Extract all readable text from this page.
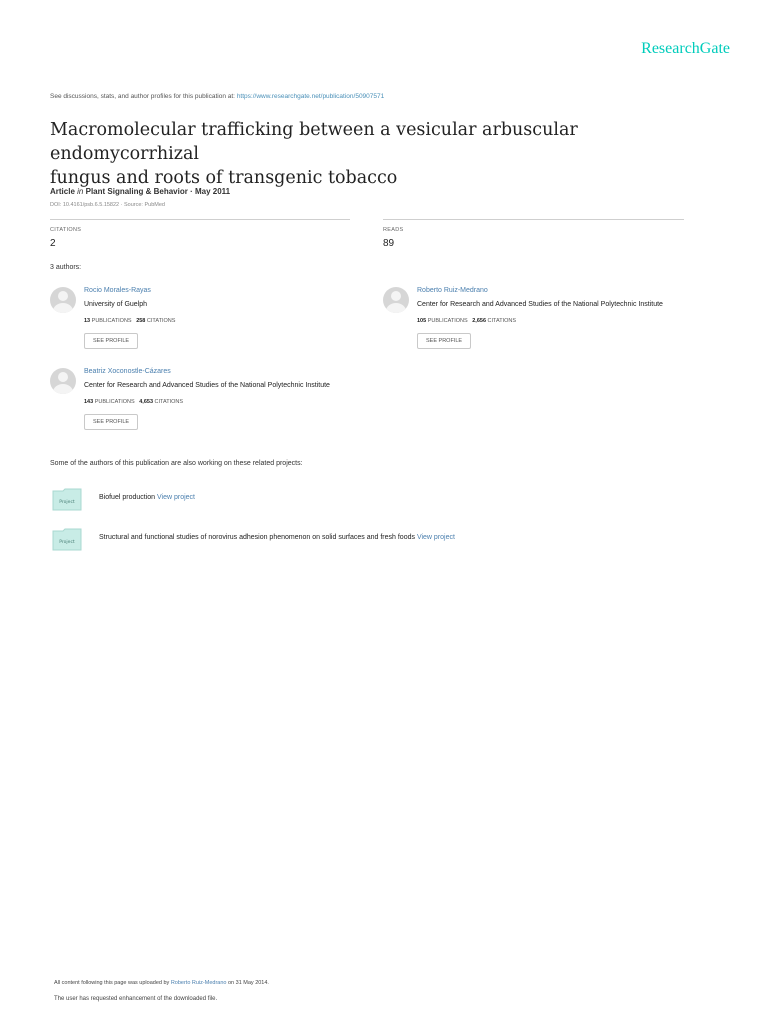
ResearchGate
See discussions, stats, and author profiles for this publication at: https://www.researchgate.net/publication/50907571
Macromolecular trafficking between a vesicular arbuscular endomycorrhizal
fungus and roots of transgenic tobacco
Article in Plant Signaling & Behavior · May 2011
DOI: 10.4161/psb.6.5.15822 · Source: PubMed
CITATIONS
2
READS
89
3 authors:
Rocio Morales-Rayas
University of Guelph
13 PUBLICATIONS 258 CITATIONS
SEE PROFILE
Roberto Ruiz-Medrano
Center for Research and Advanced Studies of the National Polytechnic Institute
105 PUBLICATIONS 2,656 CITATIONS
SEE PROFILE
Beatriz Xoconostle-Cázares
Center for Research and Advanced Studies of the National Polytechnic Institute
143 PUBLICATIONS 4,653 CITATIONS
SEE PROFILE
Some of the authors of this publication are also working on these related projects:
Project
Biofuel production View project
Project
Structural and functional studies of norovirus adhesion phenomenon on solid surfaces and fresh foods View project
All content following this page was uploaded by Roberto Ruiz-Medrano on 31 May 2014.
The user has requested enhancement of the downloaded file.
